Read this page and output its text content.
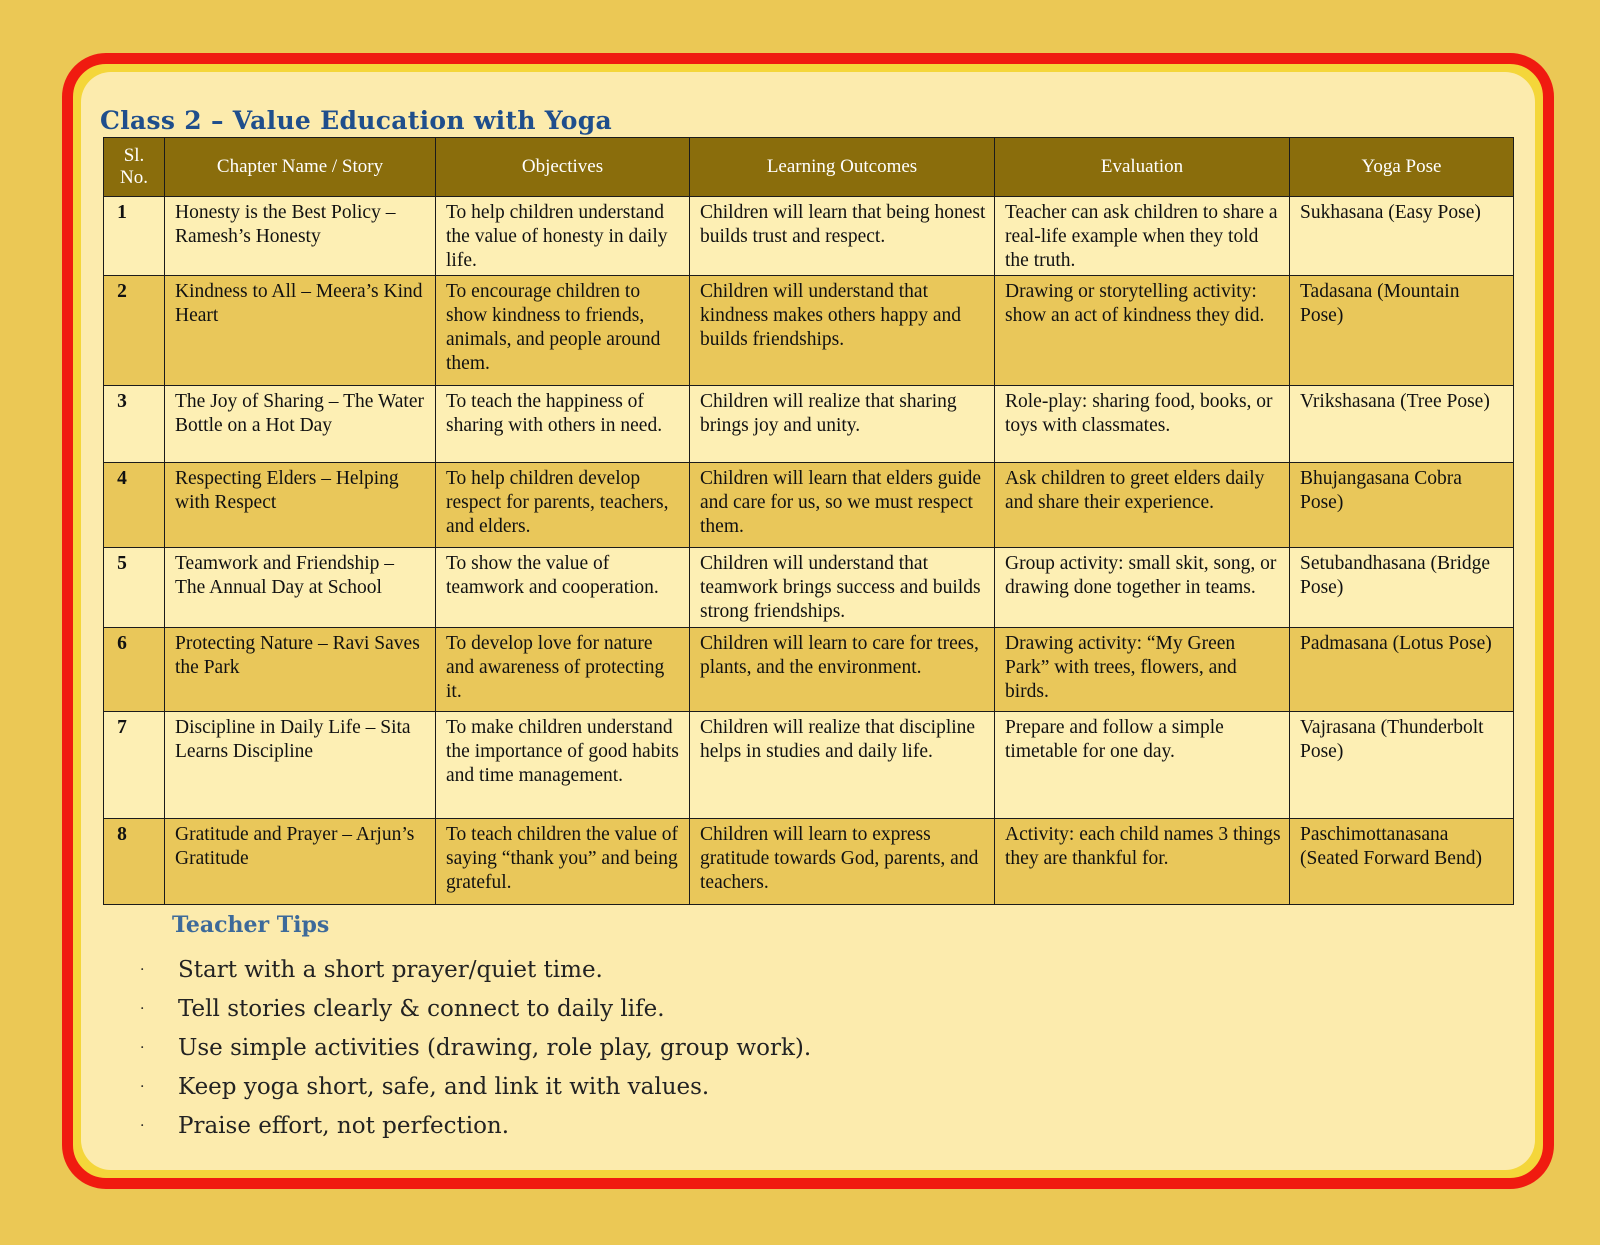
Class 2 – Value Education with Yoga
Sl. No.	Chapter Name / Story	Objectives	Learning Outcomes	Evaluation	Yoga Pose
1	Honesty is the Best Policy – Ramesh’s Honesty	To help children understand the value of honesty in daily life.	Children will learn that being honest builds trust and respect.	Teacher can ask children to share a real-life example when they told the truth.	Sukhasana (Easy Pose)
2	Kindness to All – Meera’s Kind Heart	To encourage children to show kindness to friends, animals, and people around them.	Children will understand that kindness makes others happy and builds friendships.	Drawing or storytelling activity: show an act of kindness they did.	Tadasana (Mountain Pose)
3	The Joy of Sharing – The Water Bottle on a Hot Day	To teach the happiness of sharing with others in need.	Children will realize that sharing brings joy and unity.	Role-play: sharing food, books, or toys with classmates.	Vrikshasana (Tree Pose)
4	Respecting Elders – Helping with Respect	To help children develop respect for parents, teachers, and elders.	Children will learn that elders guide and care for us, so we must respect them.	Ask children to greet elders daily and share their experience.	Bhujangasana Cobra Pose)
5	Teamwork and Friendship – The Annual Day at School	To show the value of teamwork and cooperation.	Children will understand that teamwork brings success and builds strong friendships.	Group activity: small skit, song, or drawing done together in teams.	Setubandhasana (Bridge Pose)
6	Protecting Nature – Ravi Saves the Park	To develop love for nature and awareness of protecting it.	Children will learn to care for trees, plants, and the environment.	Drawing activity: “My Green Park” with trees, flowers, and birds.	Padmasana (Lotus Pose)
7	Discipline in Daily Life – Sita Learns Discipline	To make children understand the importance of good habits and time management.	Children will realize that discipline helps in studies and daily life.	Prepare and follow a simple timetable for one day.	Vajrasana (Thunderbolt Pose)
8	Gratitude and Prayer – Arjun’s Gratitude	To teach children the value of saying “thank you” and being grateful.	Children will learn to express gratitude towards God, parents, and teachers.	Activity: each child names 3 things they are thankful for.	Paschimottanasana (Seated Forward Bend)
Teacher Tips
·	Start with a short prayer/quiet time.
·	Tell stories clearly & connect to daily life.
·	Use simple activities (drawing, role play, group work).
·	Keep yoga short, safe, and link it with values.
·	Praise effort, not perfection.
